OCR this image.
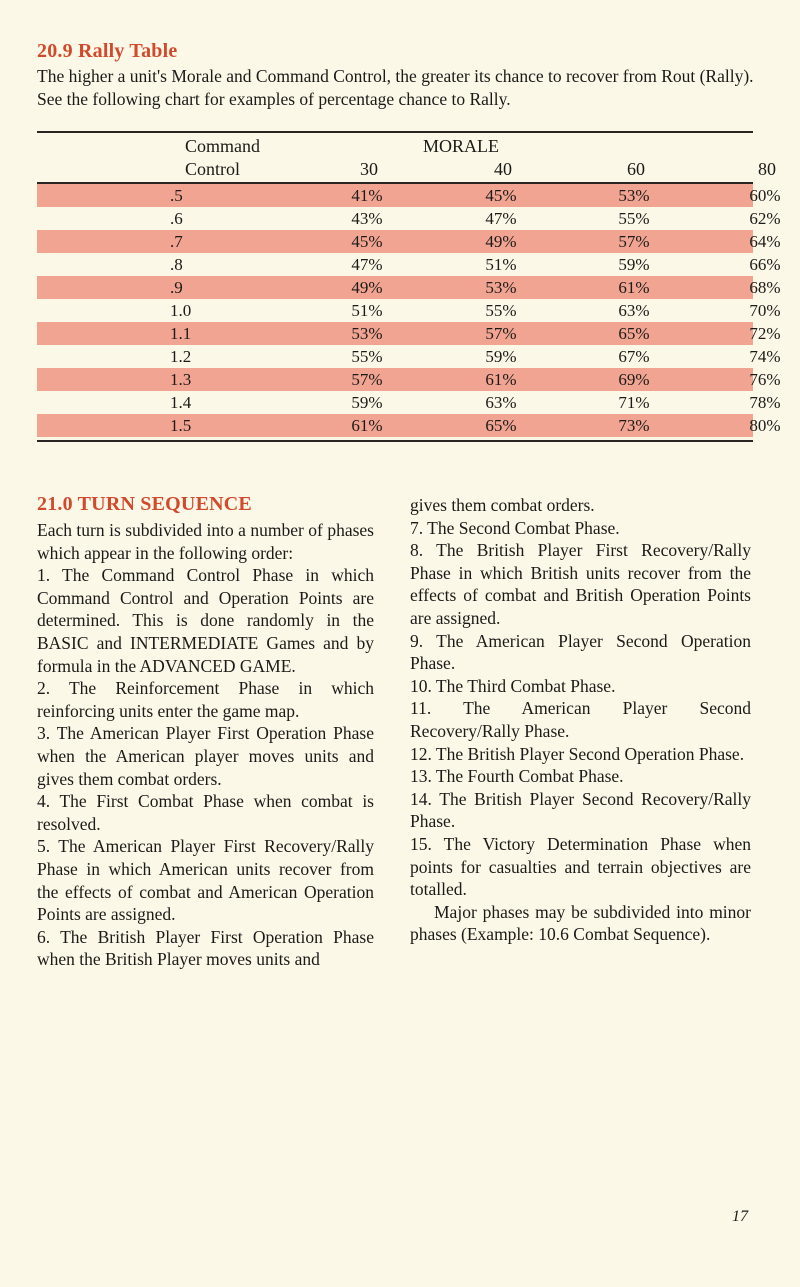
20.9 Rally Table
The higher a unit's Morale and Command Control, the greater its chance to recover from Rout (Rally). See the following chart for examples of percentage chance to Rally.
Command
Control
MORALE
30	40	60	80
.5	41%	45%	53%	60%
.6	43%	47%	55%	62%
.7	45%	49%	57%	64%
.8	47%	51%	59%	66%
.9	49%	53%	61%	68%
1.0	51%	55%	63%	70%
1.1	53%	57%	65%	72%
1.2	55%	59%	67%	74%
1.3	57%	61%	69%	76%
1.4	59%	63%	71%	78%
1.5	61%	65%	73%	80%
21.0 TURN SEQUENCE

Each turn is subdivided into a number of phases which appear in the following order:

1. The Command Control Phase in which Command Control and Operation Points are determined. This is done randomly in the BASIC and INTERMEDIATE Games and by formula in the ADVANCED GAME.

2. The Reinforcement Phase in which reinforcing units enter the game map.

3. The American Player First Operation Phase when the American player moves units and gives them combat orders.

4. The First Combat Phase when combat is resolved.

5. The American Player First Recovery/Rally Phase in which American units recover from the effects of combat and American Operation Points are assigned.

6. The British Player First Operation Phase when the British Player moves units and

gives them combat orders.

7. The Second Combat Phase.

8. The British Player First Recovery/Rally Phase in which British units recover from the effects of combat and British Operation Points are assigned.

9. The American Player Second Operation Phase.

10. The Third Combat Phase.

11. The American Player Second Recovery/Rally Phase.

12. The British Player Second Operation Phase.

13. The Fourth Combat Phase.

14. The British Player Second Recovery/Rally Phase.

15. The Victory Determination Phase when points for casualties and terrain objectives are totalled.

Major phases may be subdivided into minor phases (Example: 10.6 Combat Sequence).

17
